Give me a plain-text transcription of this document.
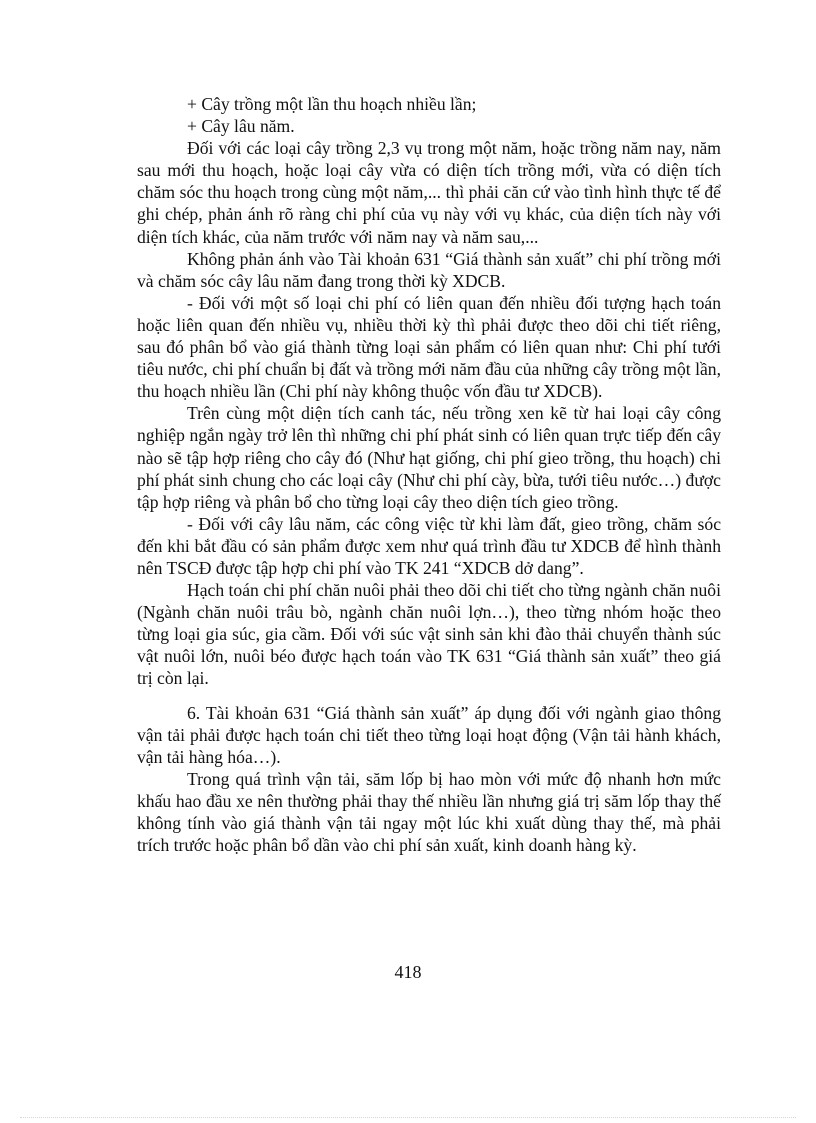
+ Cây trồng một lần thu hoạch nhiều lần;

+ Cây lâu năm.

Đối với các loại cây trồng 2,3 vụ trong một năm, hoặc trồng năm nay, năm sau mới thu hoạch, hoặc loại cây vừa có diện tích trồng mới, vừa có diện tích chăm sóc thu hoạch trong cùng một năm,... thì phải căn cứ vào tình hình thực tế để ghi chép, phản ánh rõ ràng chi phí của vụ này với vụ khác, của diện tích này với diện tích khác, của năm trước với năm nay và năm sau,...

Không phản ánh vào Tài khoản 631 “Giá thành sản xuất” chi phí trồng mới và chăm sóc cây lâu năm đang trong thời kỳ XDCB.

- Đối với một số loại chi phí có liên quan đến nhiều đối tượng hạch toán hoặc liên quan đến nhiều vụ, nhiều thời kỳ thì phải được theo dõi chi tiết riêng, sau đó phân bổ vào giá thành từng loại sản phẩm có liên quan như: Chi phí tưới tiêu nước, chi phí chuẩn bị đất và trồng mới năm đầu của những cây trồng một lần, thu hoạch nhiều lần (Chi phí này không thuộc vốn đầu tư XDCB).

Trên cùng một diện tích canh tác, nếu trồng xen kẽ từ hai loại cây công nghiệp ngắn ngày trở lên thì những chi phí phát sinh có liên quan trực tiếp đến cây nào sẽ tập hợp riêng cho cây đó (Như hạt giống, chi phí gieo trồng, thu hoạch) chi phí phát sinh chung cho các loại cây (Như chi phí cày, bừa, tưới tiêu nước…) được tập hợp riêng và phân bổ cho từng loại cây theo diện tích gieo trồng.

- Đối với cây lâu năm, các công việc từ khi làm đất, gieo trồng, chăm sóc đến khi bắt đầu có sản phẩm được xem như quá trình đầu tư XDCB để hình thành nên TSCĐ được tập hợp chi phí vào TK 241 “XDCB dở dang”.

Hạch toán chi phí chăn nuôi phải theo dõi chi tiết cho từng ngành chăn nuôi (Ngành chăn nuôi trâu bò, ngành chăn nuôi lợn…), theo từng nhóm hoặc theo từng loại gia súc, gia cầm. Đối với súc vật sinh sản khi đào thải chuyển thành súc vật nuôi lớn, nuôi béo được hạch toán vào TK 631 “Giá thành sản xuất” theo giá trị còn lại.

6. Tài khoản 631 “Giá thành sản xuất” áp dụng đối với ngành giao thông vận tải phải được hạch toán chi tiết theo từng loại hoạt động (Vận tải hành khách, vận tải hàng hóa…).

Trong quá trình vận tải, săm lốp bị hao mòn với mức độ nhanh hơn mức khấu hao đầu xe nên thường phải thay thế nhiều lần nhưng giá trị săm lốp thay thế không tính vào giá thành vận tải ngay một lúc khi xuất dùng thay thế, mà phải trích trước hoặc phân bổ dần vào chi phí sản xuất, kinh doanh hàng kỳ.

418
